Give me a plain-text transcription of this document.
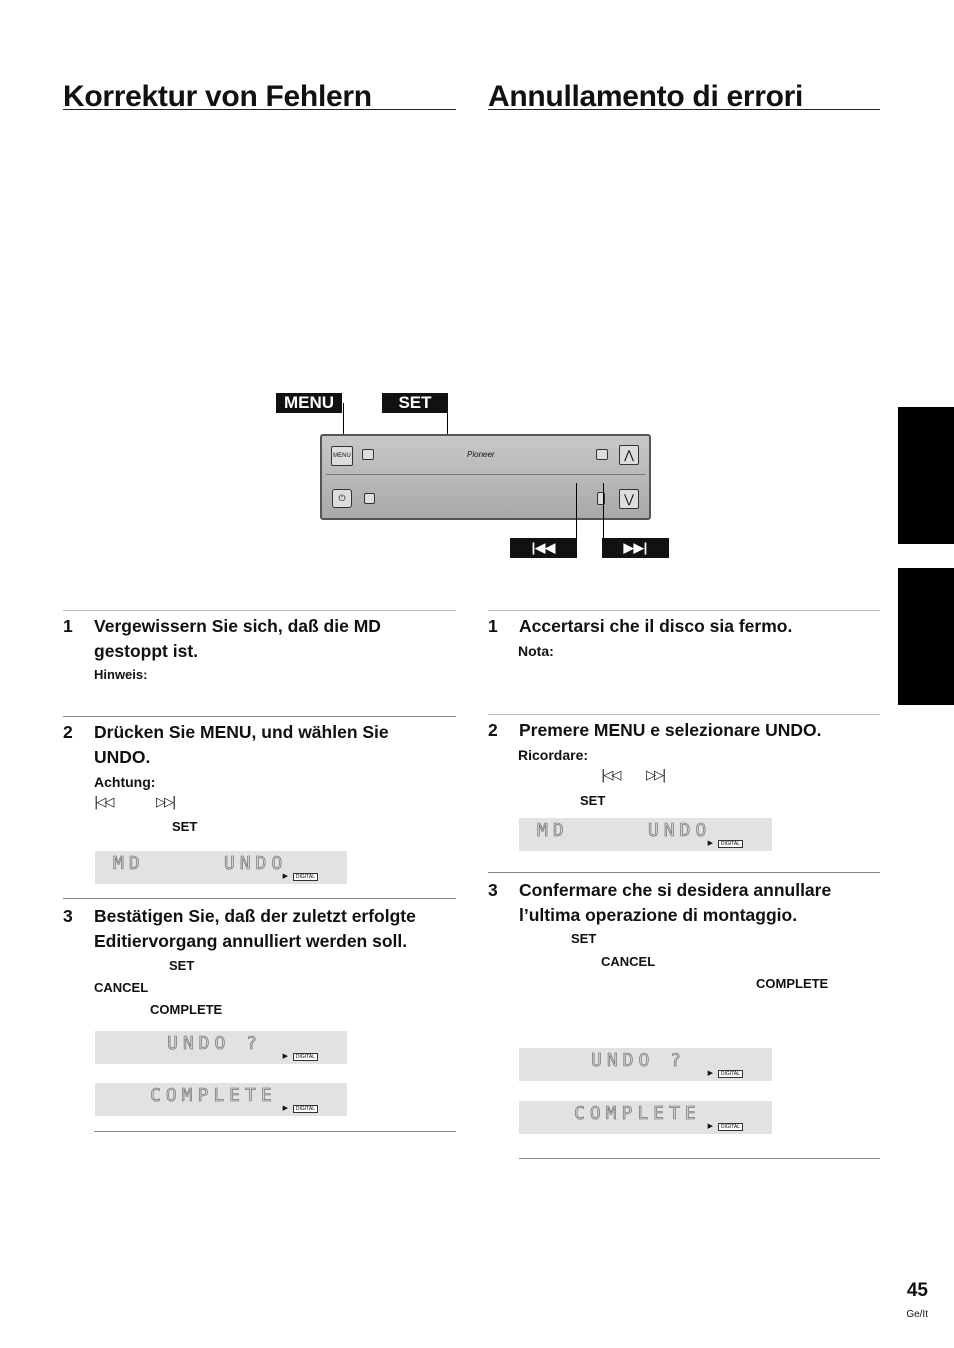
Korrektur von Fehlern	Annullamento di errori
MENU	SET
MENU	Pioneer	⋀
⏻	⋁
|◀◀	▶▶|
1 Vergewissern Sie sich, daß die MD gestoppt ist.
Hinweis:
2 Drücken Sie MENU, und wählen Sie UNDO.
Achtung:
|◁◁	▷▷|
SET
MD     UNDO
▶	DIGITAL
3 Bestätigen Sie, daß der zuletzt erfolgte Editiervorgang annulliert werden soll.
SET
CANCEL
COMPLETE
UNDO ?
▶	DIGITAL
COMPLETE
▶	DIGITAL
1 Accertarsi che il disco sia fermo.
Nota:
2 Premere MENU e selezionare UNDO.
Ricordare:
|◁◁ ▷▷|
SET
MD     UNDO
▶	DIGITAL
3 Confermare che si desidera annullare l’ultima operazione di montaggio.
SET
CANCEL
COMPLETE
UNDO ?
▶	DIGITAL
COMPLETE
▶	DIGITAL
45
Ge/It
